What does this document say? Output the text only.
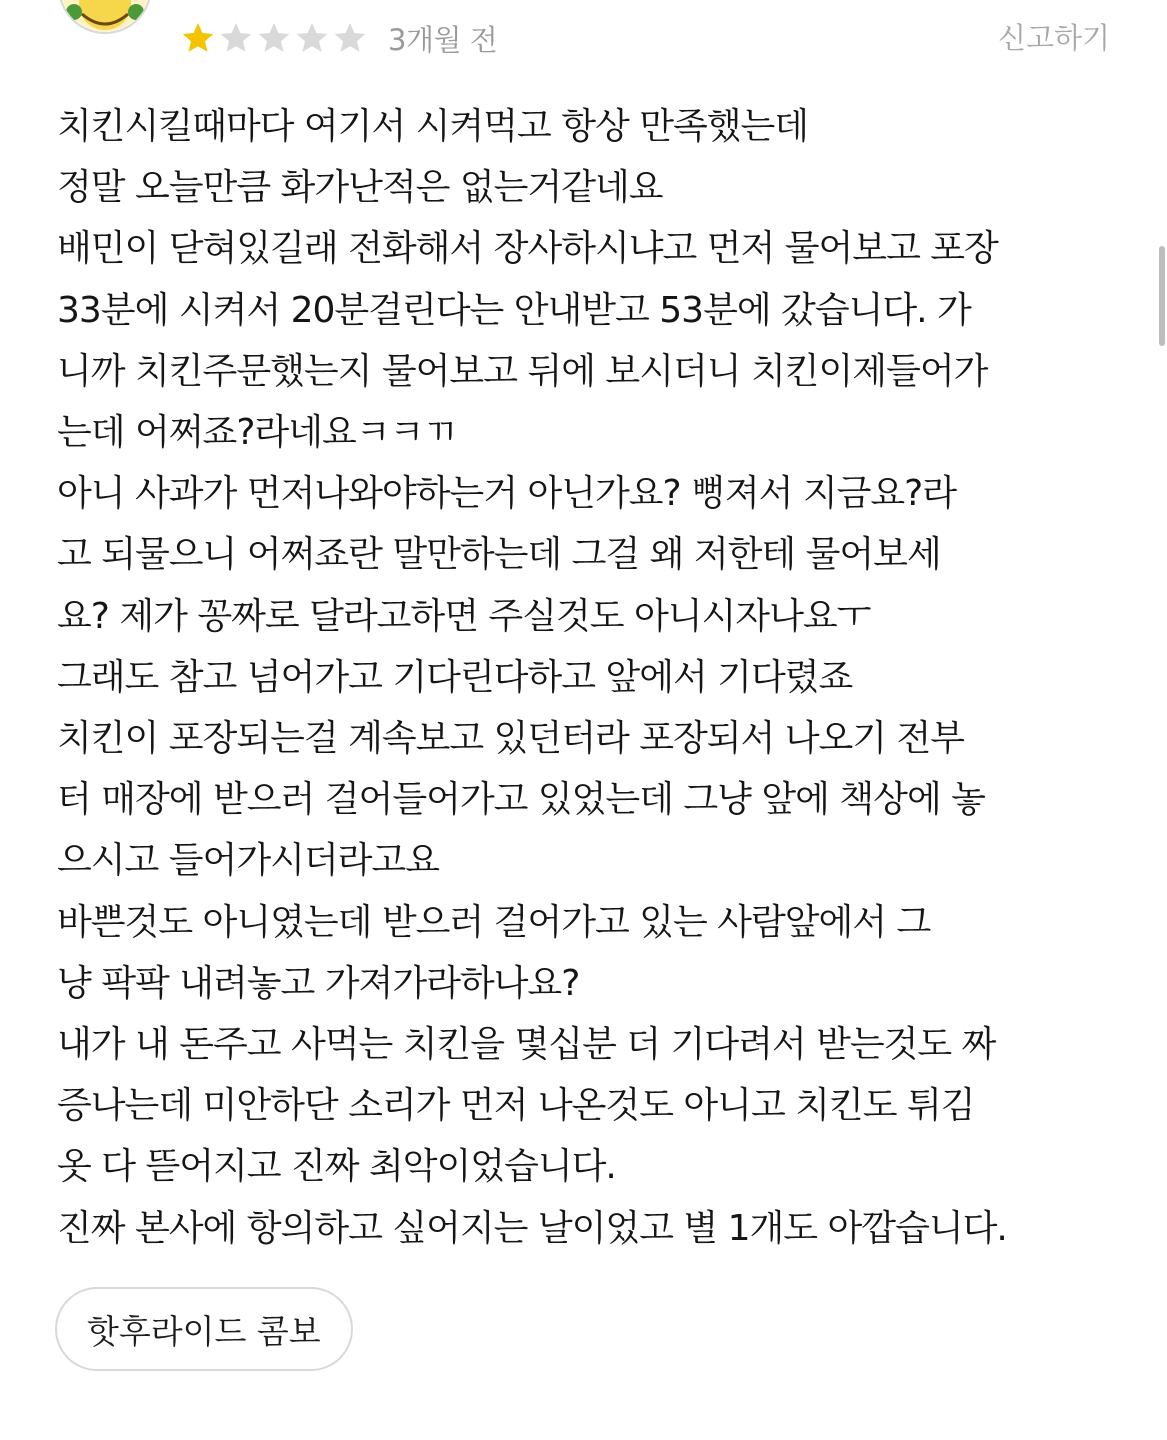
3개월 전	신고하기

치킨시킬때마다 여기서 시켜먹고 항상 만족했는데
정말 오늘만큼 화가난적은 없는거같네요
배민이 닫혀있길래 전화해서 장사하시냐고 먼저 물어보고 포장
33분에 시켜서 20분걸린다는 안내받고 53분에 갔습니다. 가
니까 치킨주문했는지 물어보고 뒤에 보시더니 치킨이제들어가
는데 어쩌죠?라네요ㅋㅋㄲ
아니 사과가 먼저나와야하는거 아닌가요? 뻥져서 지금요?라
고 되물으니 어쩌죠란 말만하는데 그걸 왜 저한테 물어보세
요? 제가 꽁짜로 달라고하면 주실것도 아니시자나요ㅜ
그래도 참고 넘어가고 기다린다하고 앞에서 기다렸죠
치킨이 포장되는걸 계속보고 있던터라 포장되서 나오기 전부
터 매장에 받으러 걸어들어가고 있었는데 그냥 앞에 책상에 놓
으시고 들어가시더라고요
바쁜것도 아니였는데 받으러 걸어가고 있는 사람앞에서 그
냥 팍팍 내려놓고 가져가라하나요?
내가 내 돈주고 사먹는 치킨을 몇십분 더 기다려서 받는것도 짜
증나는데 미안하단 소리가 먼저 나온것도 아니고 치킨도 튀김
옷 다 뜯어지고 진짜 최악이었습니다.
진짜 본사에 항의하고 싶어지는 날이었고 별 1개도 아깝습니다.

핫후라이드 콤보
